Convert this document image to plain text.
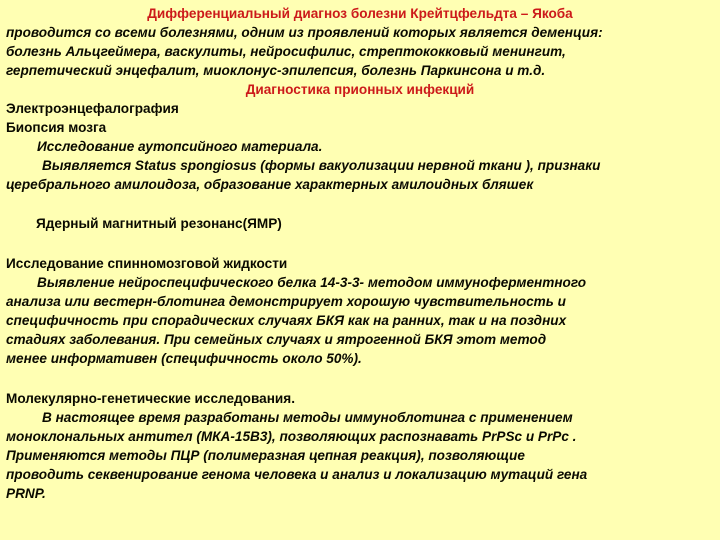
Дифференциальный диагноз болезни Крейтцфельдта – Якоба
проводится со всеми болезнями, одним из проявлений которых является деменция:
болезнь Альцгеймера, васкулиты, нейросифилис, стрептококковый менингит,
герпетический энцефалит, миоклонус-эпилепсия, болезнь Паркинсона и т.д.
Диагностика прионных инфекций
Электроэнцефалография
Биопсия мозга
Исследование аутопсийного материала.
Выявляется Status spongiosus (формы вакуолизации нервной ткани ), признаки
церебрального амилоидоза, образование характерных амилоидных бляшек
Ядерный магнитный резонанс(ЯМР)
Исследование спинномозговой жидкости
Выявление нейроспецифического белка 14-3-3- методом иммуноферментного
анализа или вестерн-блотинга демонстрирует хорошую чувствительность и
специфичность при спорадических случаях БКЯ как на ранних, так и на поздних
стадиях заболевания. При семейных случаях и ятрогенной БКЯ этот метод
менее информативен (специфичность около 50%).
Молекулярно-генетические исследования.
В настоящее время разработаны методы иммуноблотинга с применением
моноклональных антител (МКА-15В3), позволяющих распознавать PrPSc и PrPc .
Применяются методы ПЦР (полимеразная цепная реакция), позволяющие
проводить секвенирование генома человека и анализ и локализацию мутаций гена
PRNP.
